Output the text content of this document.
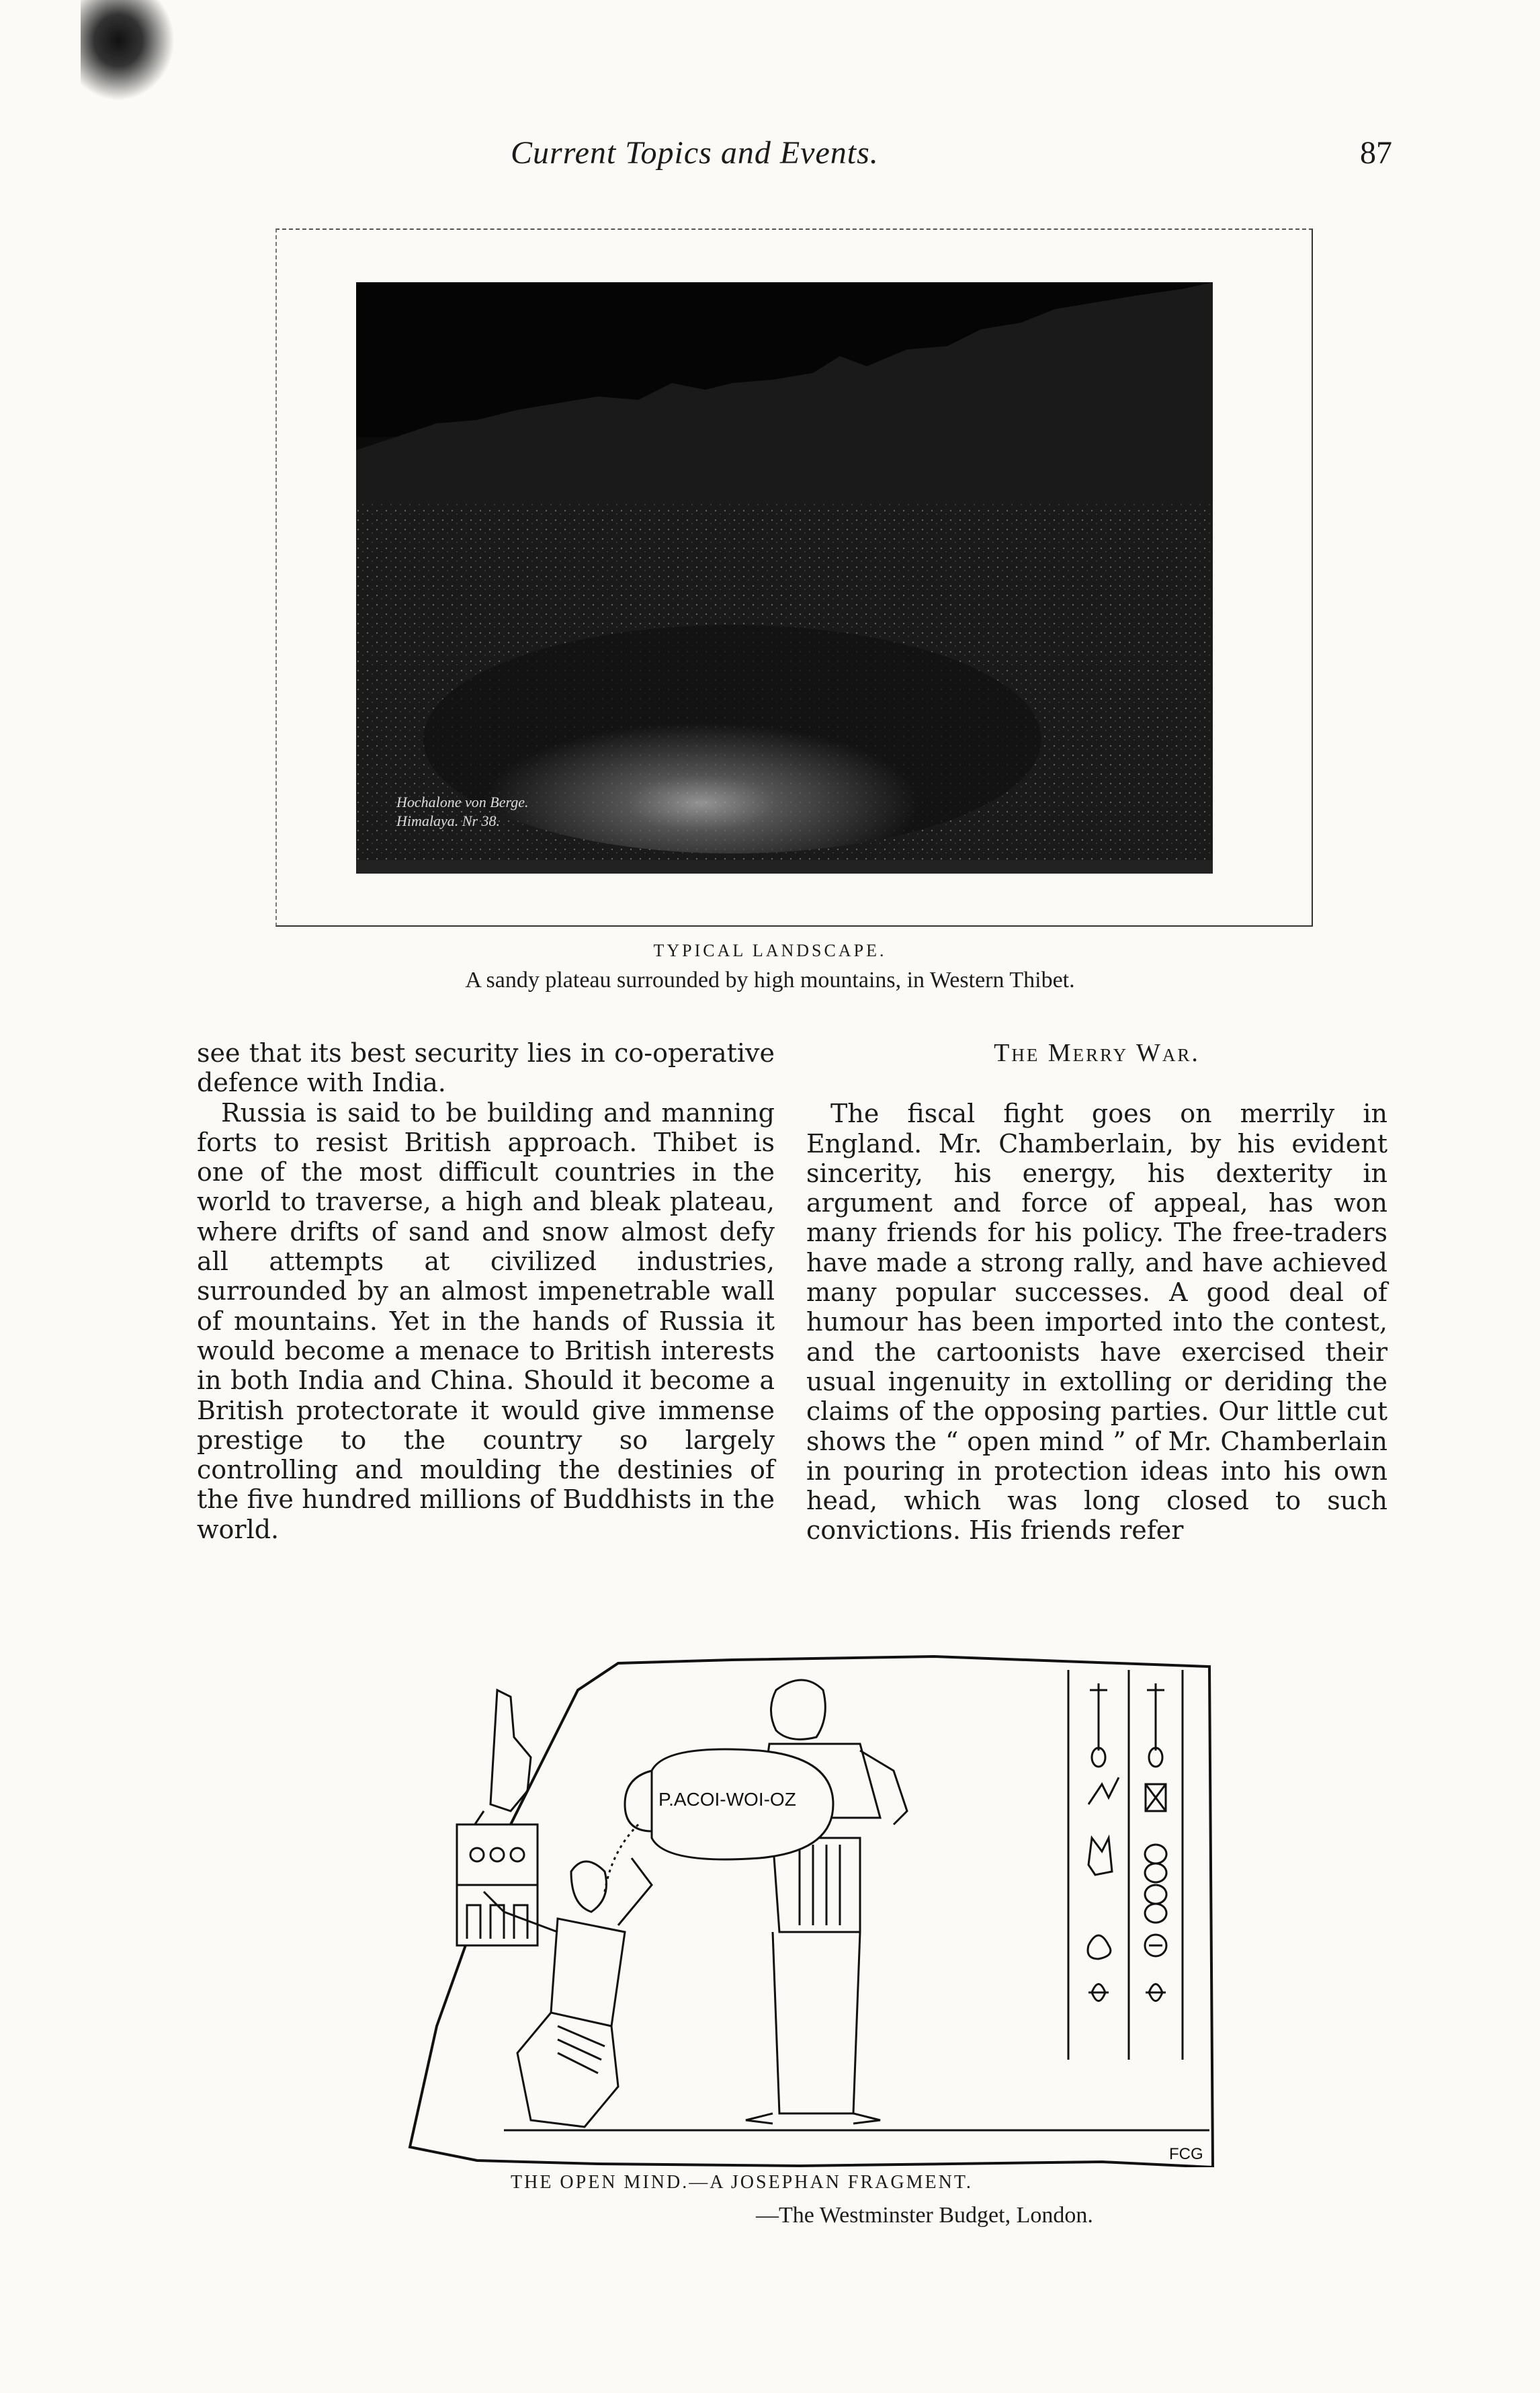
Current Topics and Events.	87
Hochalone von Berge.
Himalaya. Nr 38.
TYPICAL LANDSCAPE.
A sandy plateau surrounded by high mountains, in Western Thibet.

see that its best security lies in co-operative defence with India.

Russia is said to be building and manning forts to resist British approach. Thibet is one of the most difficult countries in the world to traverse, a high and bleak plateau, where drifts of sand and snow almost defy all attempts at civilized industries, surrounded by an almost impenetrable wall of mountains. Yet in the hands of Russia it would become a menace to British interests in both India and China. Should it become a British protectorate it would give immense prestige to the country so largely controlling and moulding the destinies of the five hundred millions of Buddhists in the world.

The Merry War.

The fiscal fight goes on merrily in England. Mr. Chamberlain, by his evident sincerity, his energy, his dexterity in argument and force of appeal, has won many friends for his policy. The free-traders have made a strong rally, and have achieved many popular successes. A good deal of humour has been imported into the contest, and the cartoonists have exercised their usual ingenuity in extolling or deriding the claims of the opposing parties. Our little cut shows the “ open mind ” of Mr. Chamberlain in pouring in protection ideas into his own head, which was long closed to such convictions. His friends refer

P.ACOI-WOI-OZ
FCG
THE OPEN MIND.—A JOSEPHAN FRAGMENT.
—The Westminster Budget, London.
